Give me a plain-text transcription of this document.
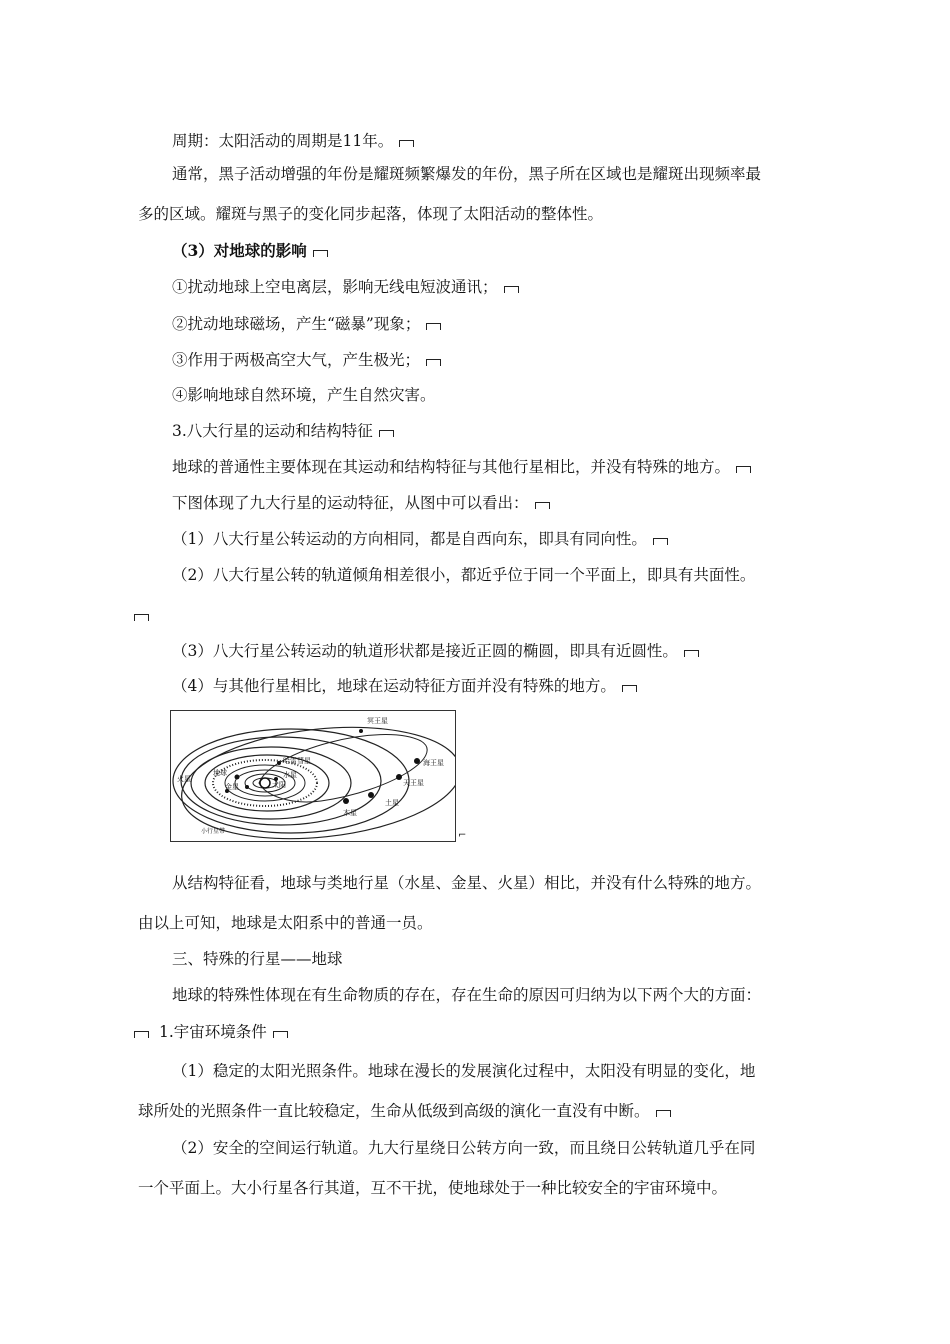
周期：太阳活动的周期是11年。
通常，黑子活动增强的年份是耀斑频繁爆发的年份，黑子所在区域也是耀斑出现频率最
多的区域。耀斑与黑子的变化同步起落，体现了太阳活动的整体性。
（3）对地球的影响
①扰动地球上空电离层，影响无线电短波通讯；
②扰动地球磁场，产生“磁暴”现象；
③作用于两极高空大气，产生极光；
④影响地球自然环境，产生自然灾害。
3.八大行星的运动和结构特征
地球的普通性主要体现在其运动和结构特征与其他行星相比，并没有特殊的地方。
下图体现了九大行星的运动特征，从图中可以看出：
（1）八大行星公转运动的方向相同，都是自西向东，即具有同向性。
（2）八大行星公转的轨道倾角相差很小，都近乎位于同一个平面上，即具有共面性。
（3）八大行星公转运动的轨道形状都是接近正圆的椭圆，即具有近圆性。
（4）与其他行星相比，地球在运动特征方面并没有特殊的地方。
冥王星
海王星
天王星
土星
木星
哈雷彗星
水星
太阳
地球
金星
火星
小行星带	⌐
从结构特征看，地球与类地行星（水星、金星、火星）相比，并没有什么特殊的地方。
由以上可知，地球是太阳系中的普通一员。
三、特殊的行星——地球
地球的特殊性体现在有生命物质的存在，存在生命的原因可归纳为以下两个大的方面：
1.宇宙环境条件
（1）稳定的太阳光照条件。地球在漫长的发展演化过程中，太阳没有明显的变化，地
球所处的光照条件一直比较稳定，生命从低级到高级的演化一直没有中断。
（2）安全的空间运行轨道。九大行星绕日公转方向一致，而且绕日公转轨道几乎在同
一个平面上。大小行星各行其道，互不干扰，使地球处于一种比较安全的宇宙环境中。
